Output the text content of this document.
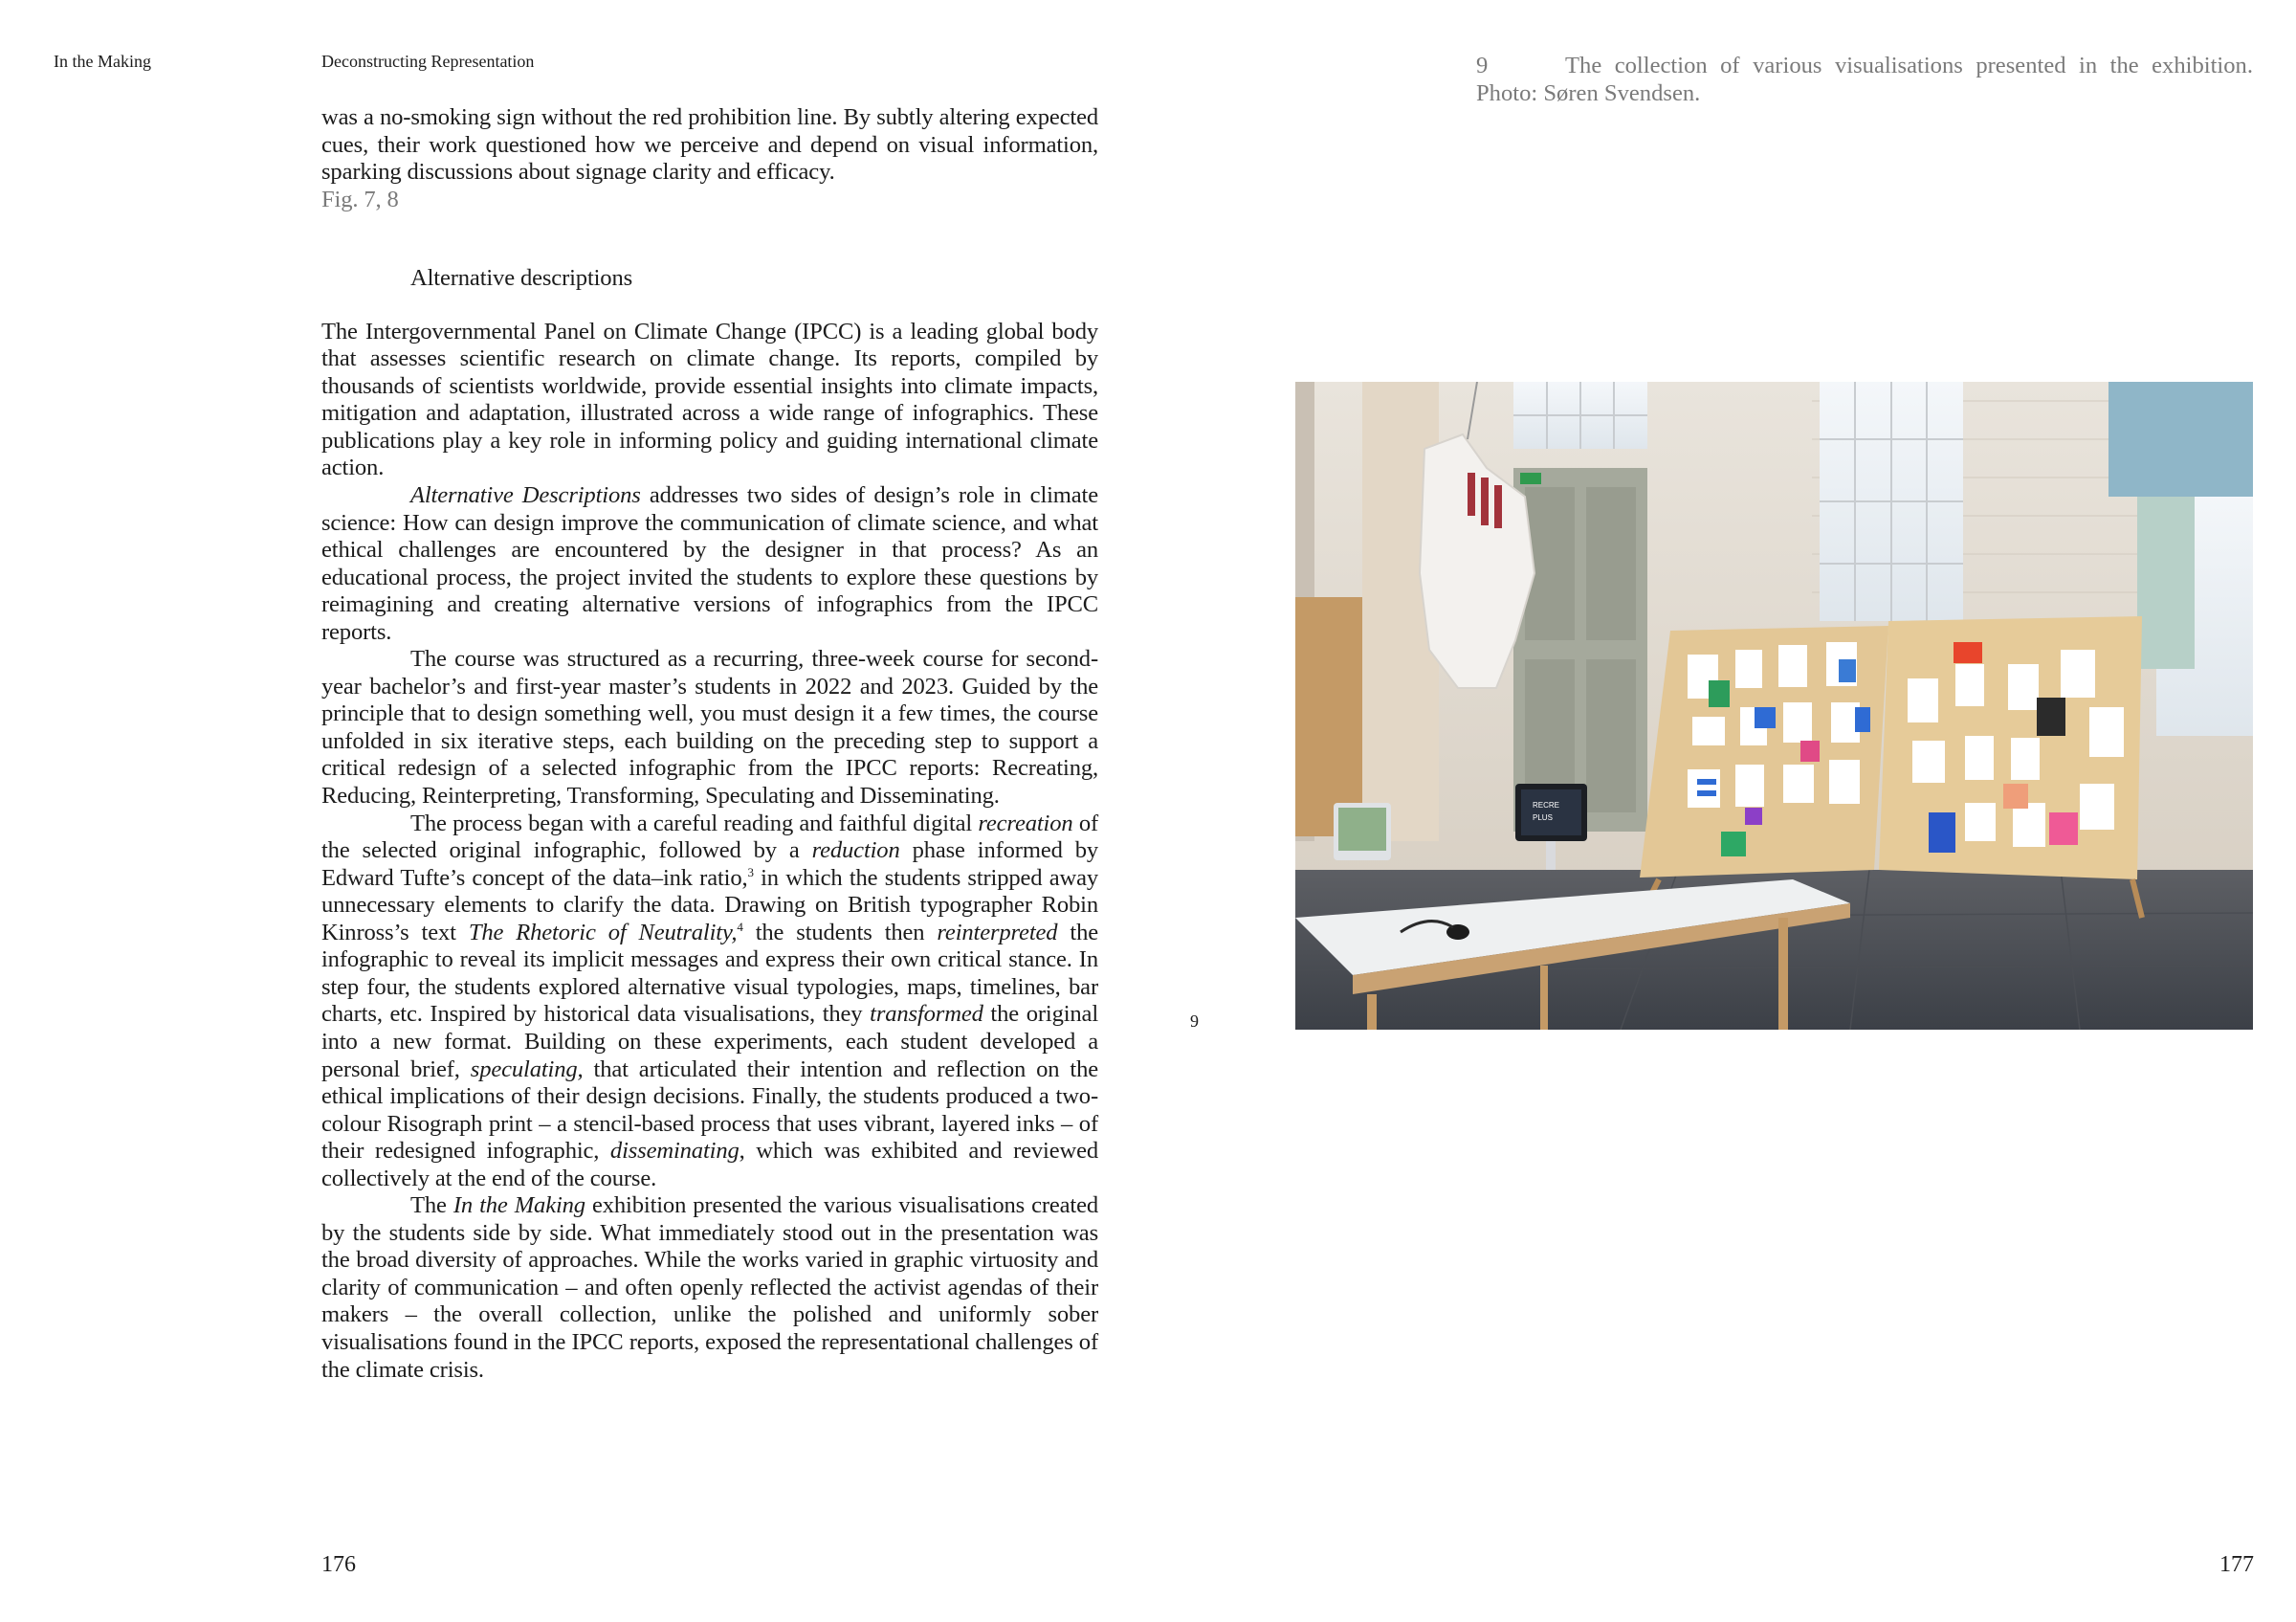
In the Making	Deconstructing Representation

was a no-smoking sign without the red prohibition line. By subtly altering expected cues, their work questioned how we perceive and depend on visual information, sparking discussions about signage clarity and efficacy.

Fig. 7, 8

Alternative descriptions

The Intergovernmental Panel on Climate Change (IPCC) is a leading global body that assesses scientific research on climate change. Its reports, compiled by thousands of scientists worldwide, provide essential insights into climate impacts, mitigation and adaptation, illustrated across a wide range of infographics. These publications play a key role in informing policy and guiding international climate action.

Alternative Descriptions addresses two sides of design’s role in climate science: How can design improve the communication of climate science, and what ethical challenges are encountered by the designer in that process? As an educational process, the project invited the students to explore these questions by reimagining and creating alternative versions of infographics from the IPCC reports.

The course was structured as a recurring, three-week course for second-year bachelor’s and first-year master’s students in 2022 and 2023. Guided by the principle that to design something well, you must design it a few times, the course unfolded in six iterative steps, each building on the preceding step to support a critical redesign of a selected infographic from the IPCC reports: Recreating, Reducing, Reinterpreting, Transforming, Speculating and Disseminating.

The process began with a careful reading and faithful digital recreation of the selected original infographic, followed by a reduction phase informed by Edward Tufte’s concept of the data–ink ratio,$^3$ in which the students stripped away unnecessary elements to clarify the data. Drawing on British typographer Robin Kinross’s text The Rhetoric of Neutrality,$^4$ the students then reinterpreted the infographic to reveal its implicit messages and express their own critical stance. In step four, the students explored alternative visual typologies, maps, timelines, bar charts, etc. Inspired by historical data visualisations, they transformed the original into a new format. Building on these experiments, each student developed a personal brief, speculating, that articulated their intention and reflection on the ethical implications of their design decisions. Finally, the students produced a two-colour Risograph print – a stencil-based process that uses vibrant, layered inks – of their redesigned infographic, disseminating, which was exhibited and reviewed collectively at the end of the course.

The In the Making exhibition presented the various visualisations created by the students side by side. What immediately stood out in the presentation was the broad diversity of approaches. While the works varied in graphic virtuosity and clarity of communication – and often openly reflected the activist agendas of their makers – the overall collection, unlike the polished and uniformly sober visualisations found in the IPCC reports, exposed the representational challenges of the climate crisis.

9	The collection of various visualisations presented in the exhibition. Photo: Søren Svendsen.
9
RECRE
PLUS
176	177
